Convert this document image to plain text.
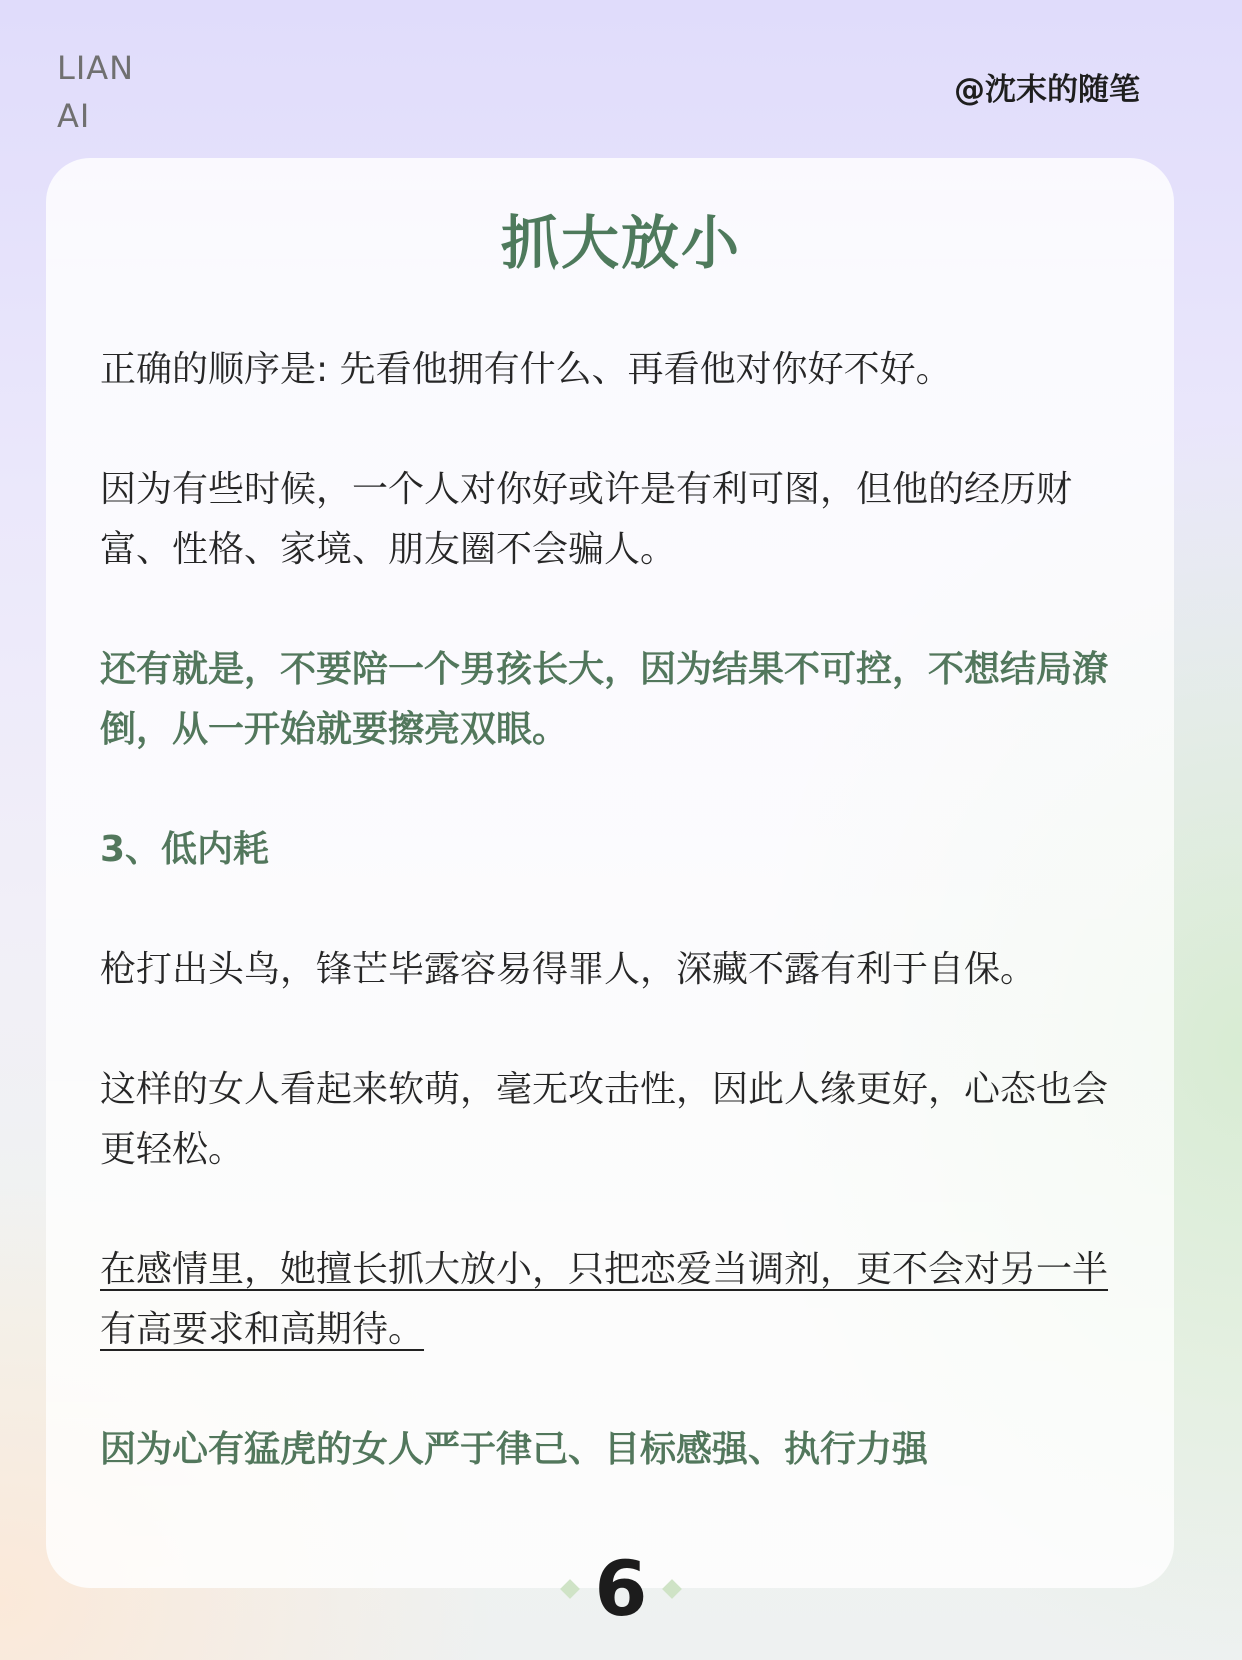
LIAN
AI
@沈末的随笔
抓大放小

正确的顺序是: 先看他拥有什么、再看他对你好不好。

因为有些时候，一个人对你好或许是有利可图，但他的经历财富、性格、家境、朋友圈不会骗人。

还有就是，不要陪一个男孩长大，因为结果不可控，不想结局潦倒，从一开始就要擦亮双眼。

3、低内耗

枪打出头鸟，锋芒毕露容易得罪人，深藏不露有利于自保。

这样的女人看起来软萌，毫无攻击性，因此人缘更好，心态也会更轻松。

在感情里，她擅长抓大放小，只把恋爱当调剂，更不会对另一半有高要求和高期待。

因为心有猛虎的女人严于律己、目标感强、执行力强

6
